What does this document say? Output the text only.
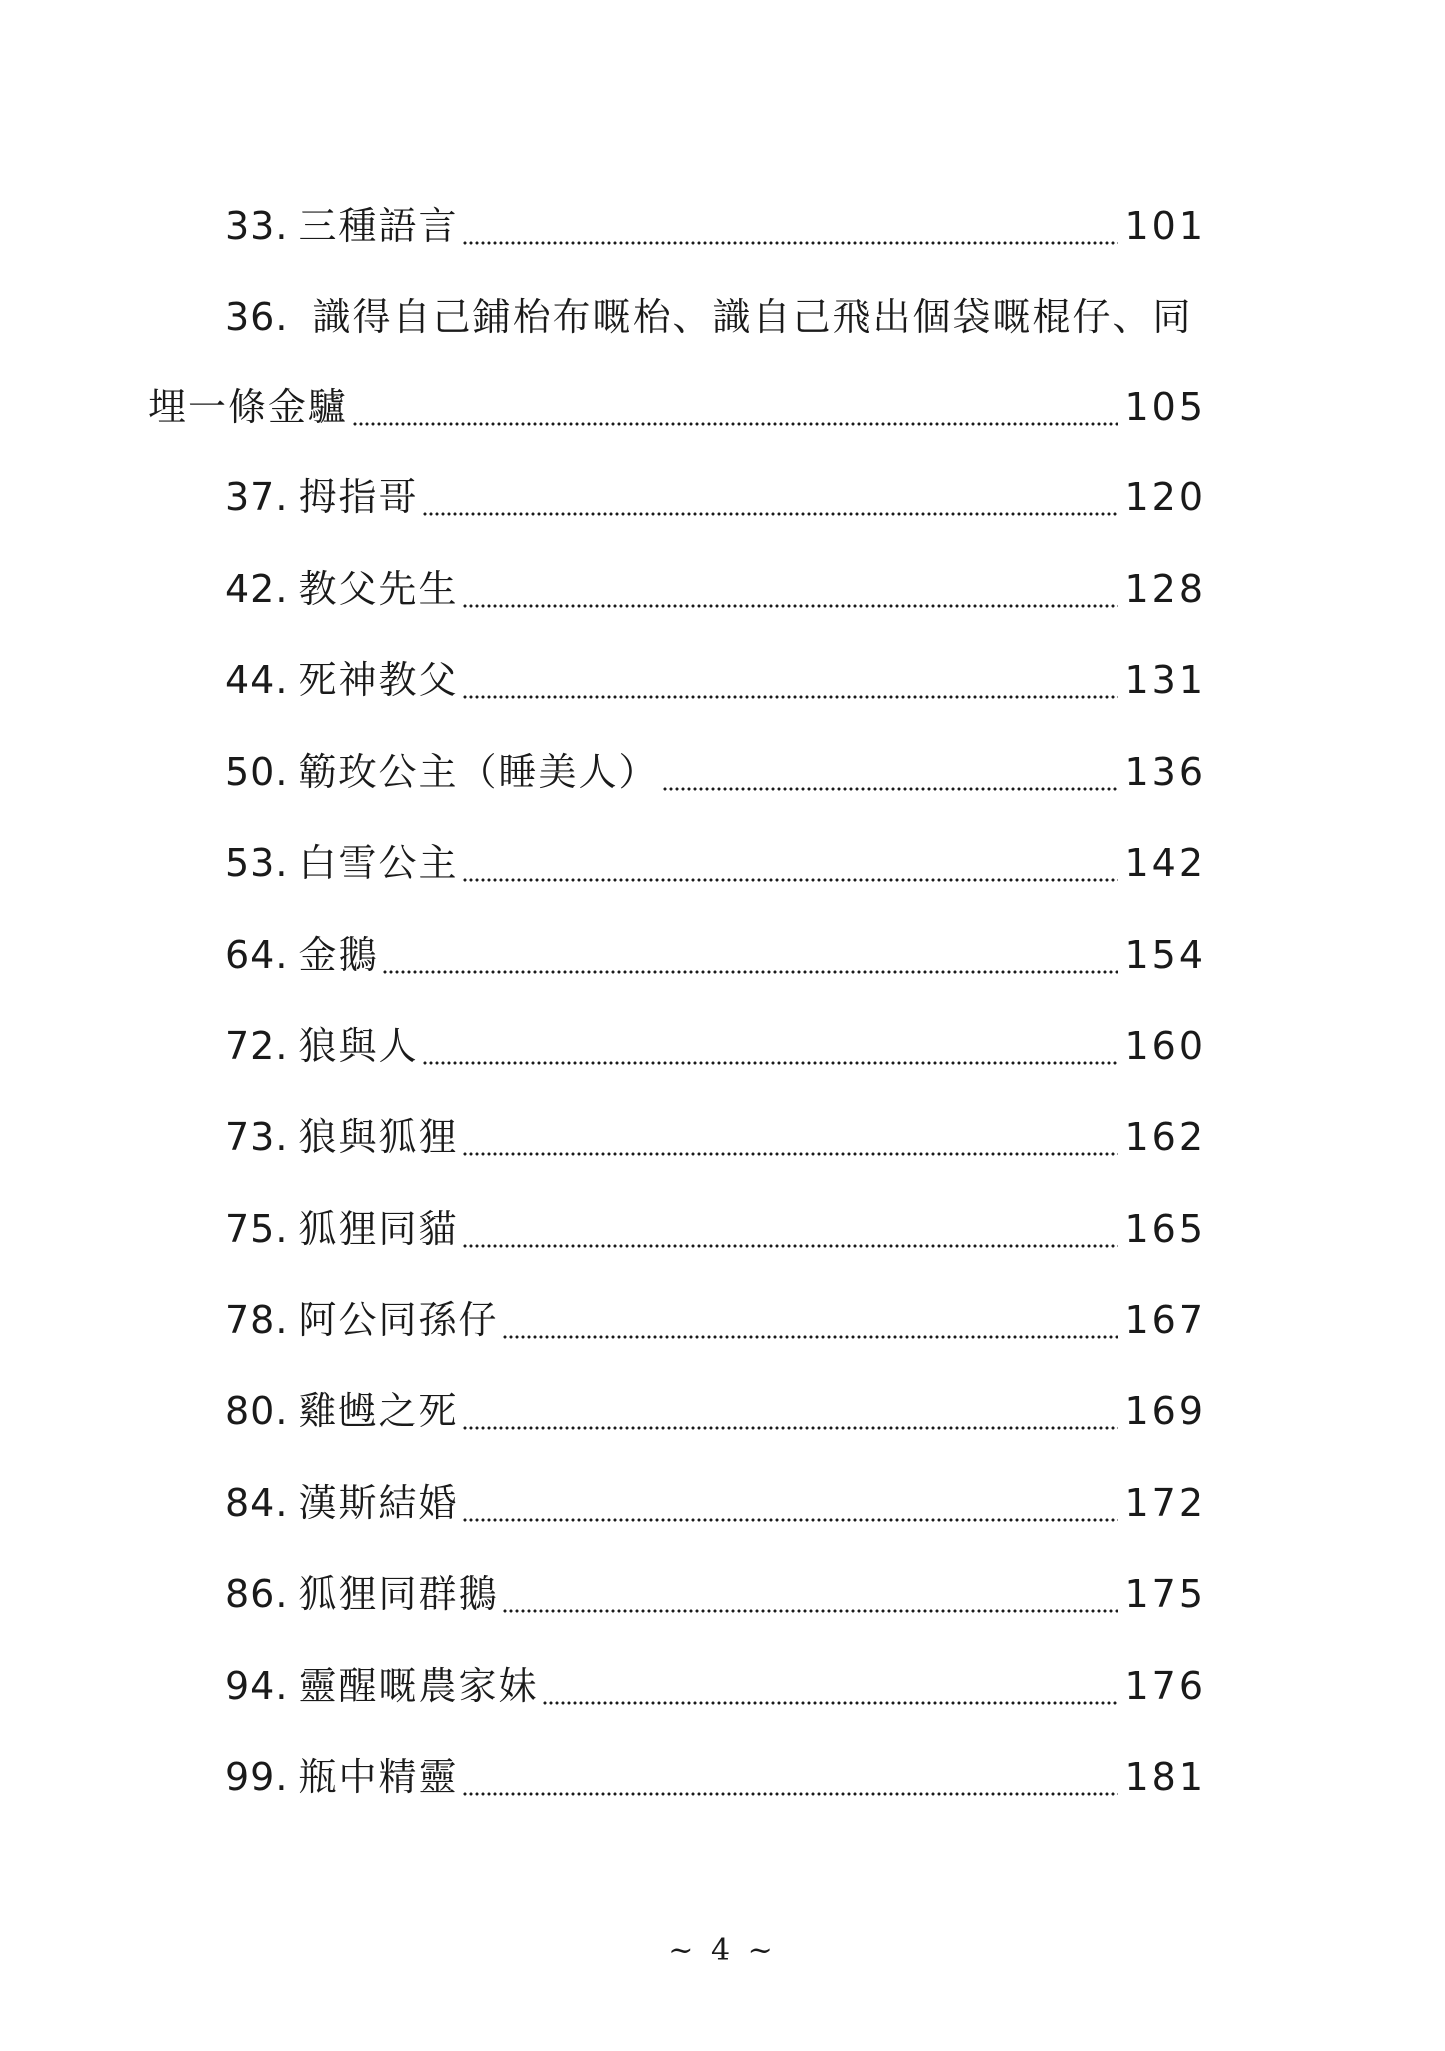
33. 三種語言	101
36. 識得自己鋪枱布嘅枱、識自己飛出個袋嘅棍仔、同
埋一條金驢	105
37. 拇指哥	120
42. 教父先生	128
44. 死神教父	131
50. 簕玫公主（睡美人）	136
53. 白雪公主	142
64. 金鵝	154
72. 狼與人	160
73. 狼與狐狸	162
75. 狐狸同貓	165
78. 阿公同孫仔	167
80. 雞乸之死	169
84. 漢斯結婚	172
86. 狐狸同群鵝	175
94. 靈醒嘅農家妹	176
99. 瓶中精靈	181
~ 4 ~
